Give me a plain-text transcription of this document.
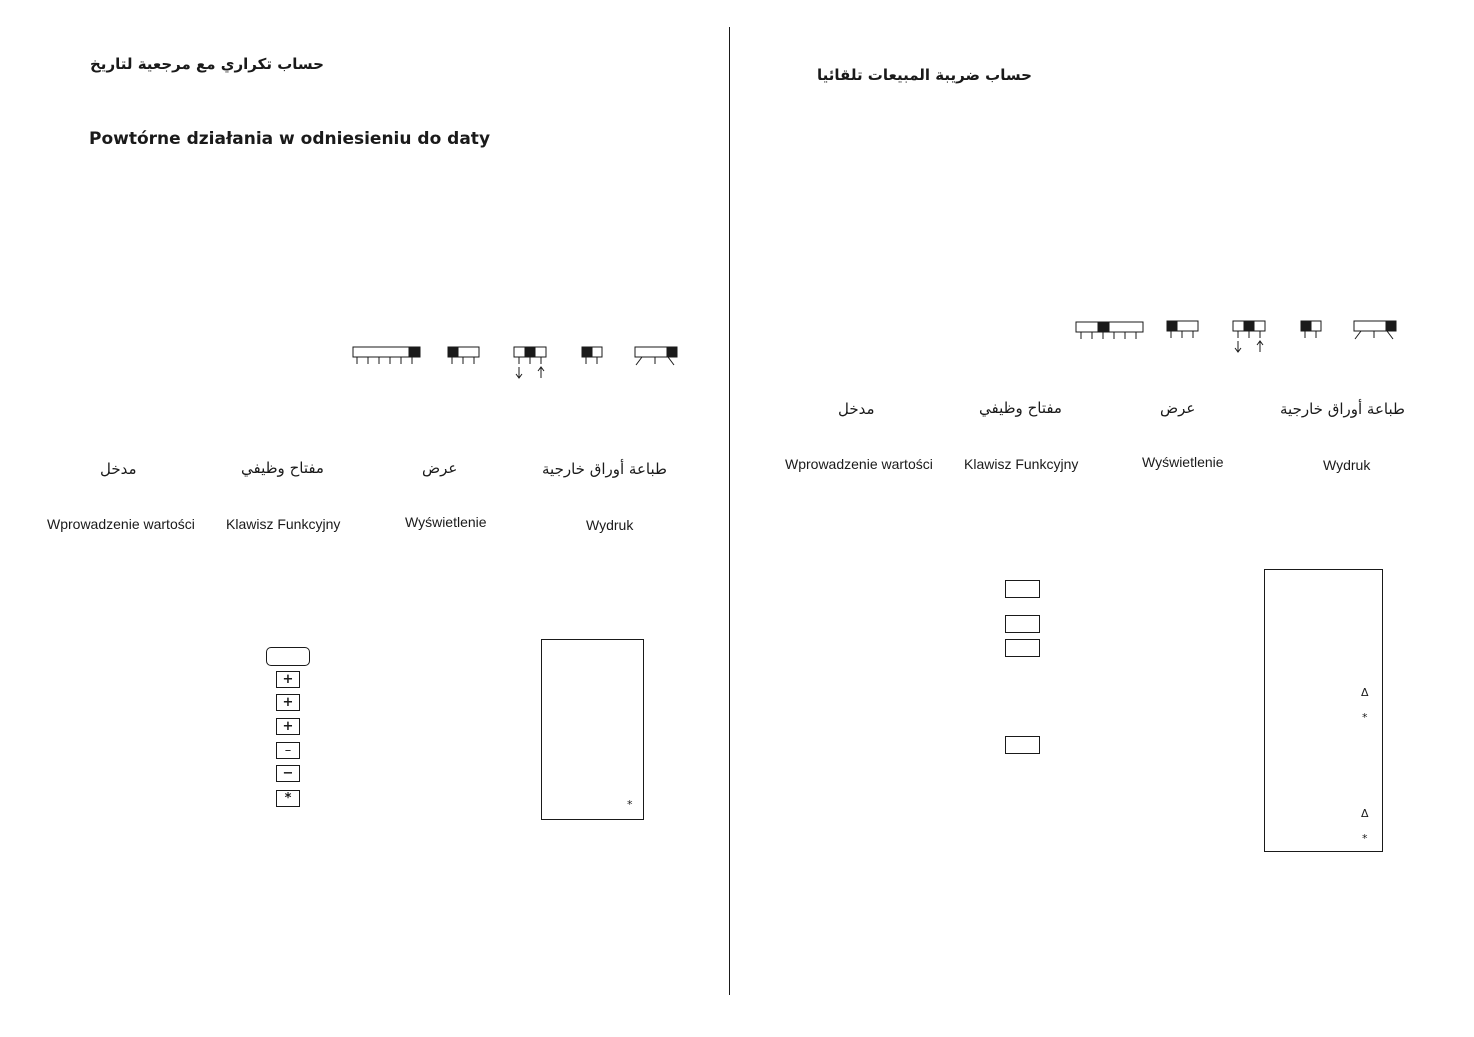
حساب تكراري مع مرجعية لتاريخ
Powtórne działania w odniesieniu do daty
مدخل
Wprowadzenie wartości
مفتاح وظيفي
Klawisz Funkcyjny
عرض
Wyświetlenie
طباعة أوراق خارجية
Wydruk
+
+
+
–
−
*	*
حساب ضريبة المبيعات تلقائيا
مدخل
Wprowadzenie wartości
مفتاح وظيفي
Klawisz Funkcyjny
عرض
Wyświetlenie
طباعة أوراق خارجية
Wydruk
Δ
*
Δ
*
